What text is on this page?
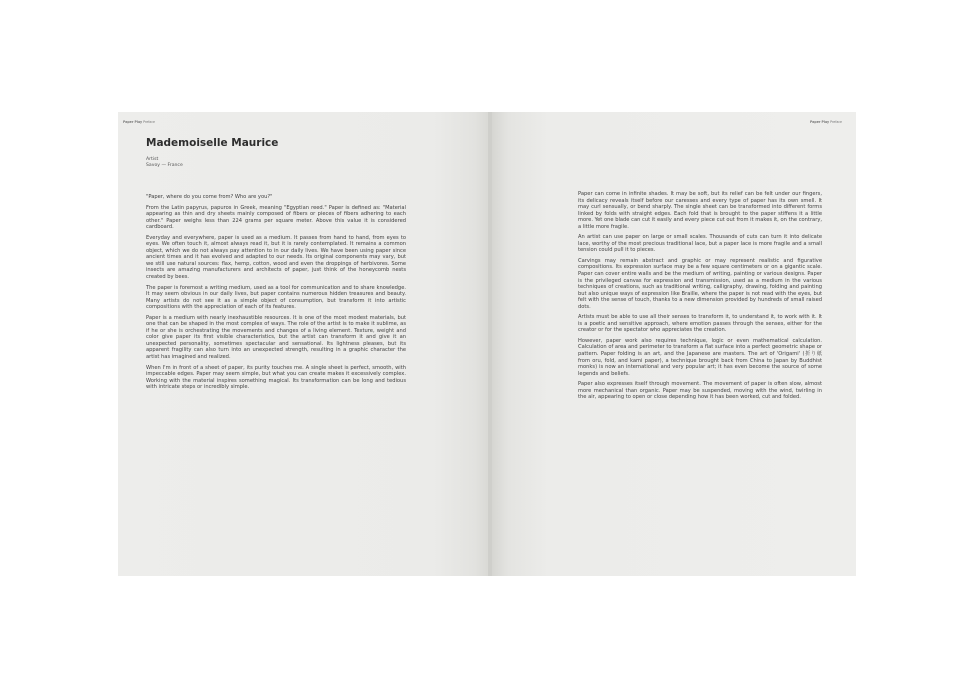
Paper Play Preface
Mademoiselle Maurice
Artist
Savoy — France

"Paper, where do you come from? Who are you?"

From the Latin papyrus, papuros in Greek, meaning "Egyptian reed." Paper is defined as: "Material appearing as thin and dry sheets mainly composed of fibers or pieces of fibers adhering to each other." Paper weighs less than 224 grams per square meter. Above this value it is considered cardboard.

Everyday and everywhere, paper is used as a medium. It passes from hand to hand, from eyes to eyes. We often touch it, almost always read it, but it is rarely contemplated. It remains a common object, which we do not always pay attention to in our daily lives. We have been using paper since ancient times and it has evolved and adapted to our needs. Its original components may vary, but we still use natural sources: flax, hemp, cotton, wood and even the droppings of herbivores. Some insects are amazing manufacturers and architects of paper, just think of the honeycomb nests created by bees.

The paper is foremost a writing medium, used as a tool for communication and to share knowledge. It may seem obvious in our daily lives, but paper contains numerous hidden treasures and beauty. Many artists do not see it as a simple object of consumption, but transform it into artistic compositions with the appreciation of each of its features.

Paper is a medium with nearly inexhaustible resources. It is one of the most modest materials, but one that can be shaped in the most complex of ways. The role of the artist is to make it sublime, as if he or she is orchestrating the movements and changes of a living element. Texture, weight and color give paper its first visible characteristics, but the artist can transform it and give it an unexpected personality, sometimes spectacular and sensational. Its lightness pleases, but its apparent fragility can also turn into an unexpected strength, resulting in a graphic character the artist has imagined and realized.

When I'm in front of a sheet of paper, its purity touches me. A single sheet is perfect, smooth, with impeccable edges. Paper may seem simple, but what you can create makes it excessively complex. Working with the material inspires something magical. Its transformation can be long and tedious with intricate steps or incredibly simple.

Paper Play Preface

Paper can come in infinite shades. It may be soft, but its relief can be felt under our fingers, its delicacy reveals itself before our caresses and every type of paper has its own smell. It may curl sensually, or bend sharply. The single sheet can be transformed into different forms linked by folds with straight edges. Each fold that is brought to the paper stiffens it a little more. Yet one blade can cut it easily and every piece cut out from it makes it, on the contrary, a little more fragile.

An artist can use paper on large or small scales. Thousands of cuts can turn it into delicate lace, worthy of the most precious traditional lace, but a paper lace is more fragile and a small tension could pull it to pieces.

Carvings may remain abstract and graphic or may represent realistic and figurative compositions. Its expression surface may be a few square centimeters or on a gigantic scale. Paper can cover entire walls and be the medium of writing, painting or various designs. Paper is the privileged canvas for expression and transmission, used as a medium in the various techniques of creations, such as traditional writing, calligraphy, drawing, folding and painting but also unique ways of expression like Braille, where the paper is not read with the eyes, but felt with the sense of touch, thanks to a new dimension provided by hundreds of small raised dots.

Artists must be able to use all their senses to transform it, to understand it, to work with it. It is a poetic and sensitive approach, where emotion passes through the senses, either for the creator or for the spectator who appreciates the creation.

However, paper work also requires technique, logic or even mathematical calculation. Calculation of area and perimeter to transform a flat surface into a perfect geometric shape or pattern. Paper folding is an art, and the Japanese are masters. The art of 'Origami' (折り紙 from oru, fold, and kami paper), a technique brought back from China to Japan by Buddhist monks) is now an international and very popular art; it has even become the source of some legends and beliefs.

Paper also expresses itself through movement. The movement of paper is often slow, almost more mechanical than organic. Paper may be suspended, moving with the wind, twirling in the air, appearing to open or close depending how it has been worked, cut and folded.
